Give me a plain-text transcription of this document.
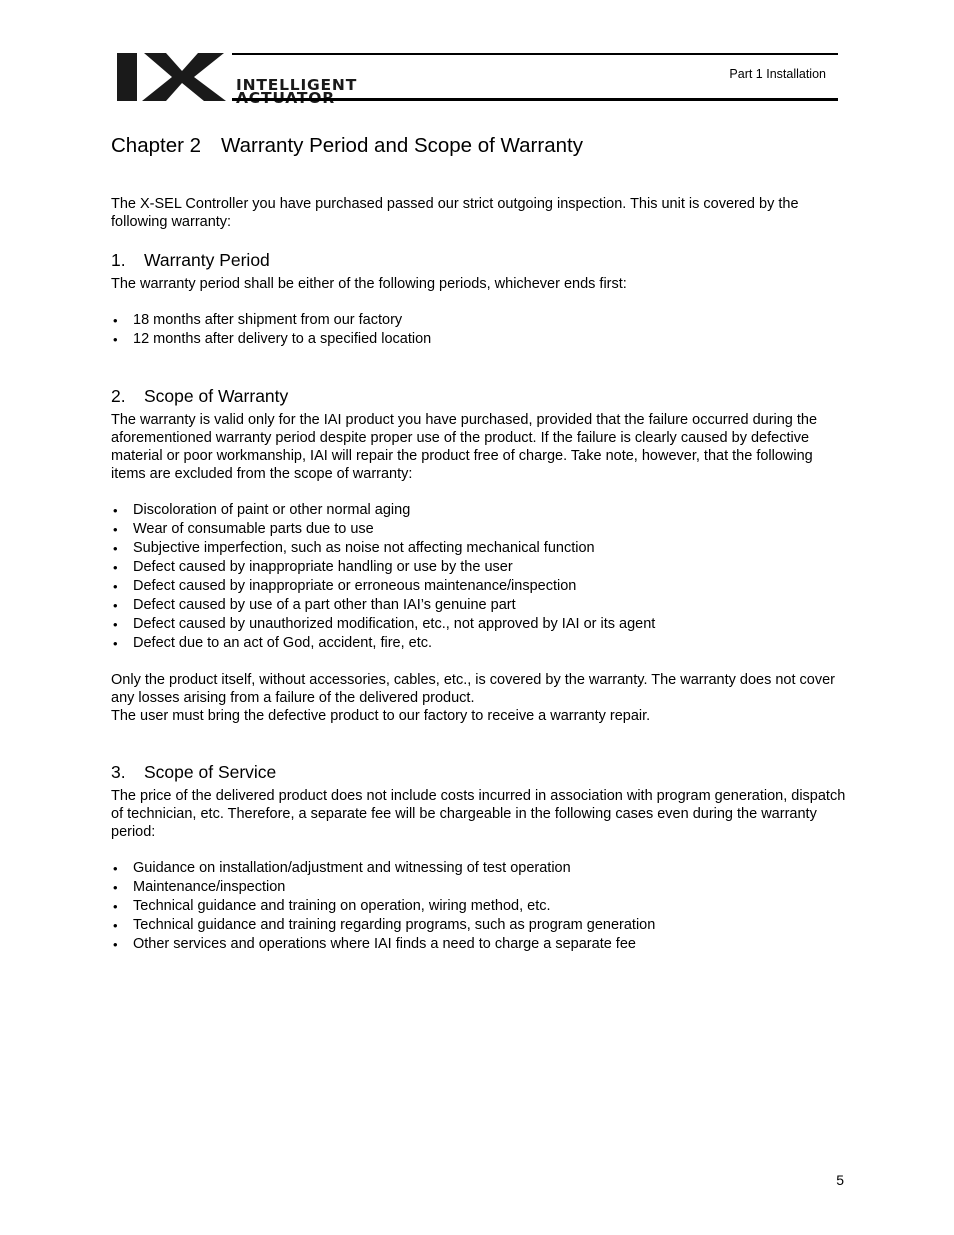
INTELLIGENT
Part 1 Installation
Chapter 2 Warranty Period and Scope of Warranty

The X-SEL Controller you have purchased passed our strict outgoing inspection. This unit is covered by the following warranty:

1. Warranty Period

The warranty period shall be either of the following periods, whichever ends first:

• 18 months after shipment from our factory
• 12 months after delivery to a specified location
2. Scope of Warranty

The warranty is valid only for the IAI product you have purchased, provided that the failure occurred during the aforementioned warranty period despite proper use of the product. If the failure is clearly caused by defective material or poor workmanship, IAI will repair the product free of charge. Take note, however, that the following items are excluded from the scope of warranty:

• Discoloration of paint or other normal aging
• Wear of consumable parts due to use
• Subjective imperfection, such as noise not affecting mechanical function
• Defect caused by inappropriate handling or use by the user
• Defect caused by inappropriate or erroneous maintenance/inspection
• Defect caused by use of a part other than IAI’s genuine part
• Defect caused by unauthorized modification, etc., not approved by IAI or its agent
• Defect due to an act of God, accident, fire, etc.

Only the product itself, without accessories, cables, etc., is covered by the warranty. The warranty does not cover any losses arising from a failure of the delivered product.

The user must bring the defective product to our factory to receive a warranty repair.

3. Scope of Service

The price of the delivered product does not include costs incurred in association with program generation, dispatch of technician, etc. Therefore, a separate fee will be chargeable in the following cases even during the warranty period:

• Guidance on installation/adjustment and witnessing of test operation
• Maintenance/inspection
• Technical guidance and training on operation, wiring method, etc.
• Technical guidance and training regarding programs, such as program generation
• Other services and operations where IAI finds a need to charge a separate fee
5
